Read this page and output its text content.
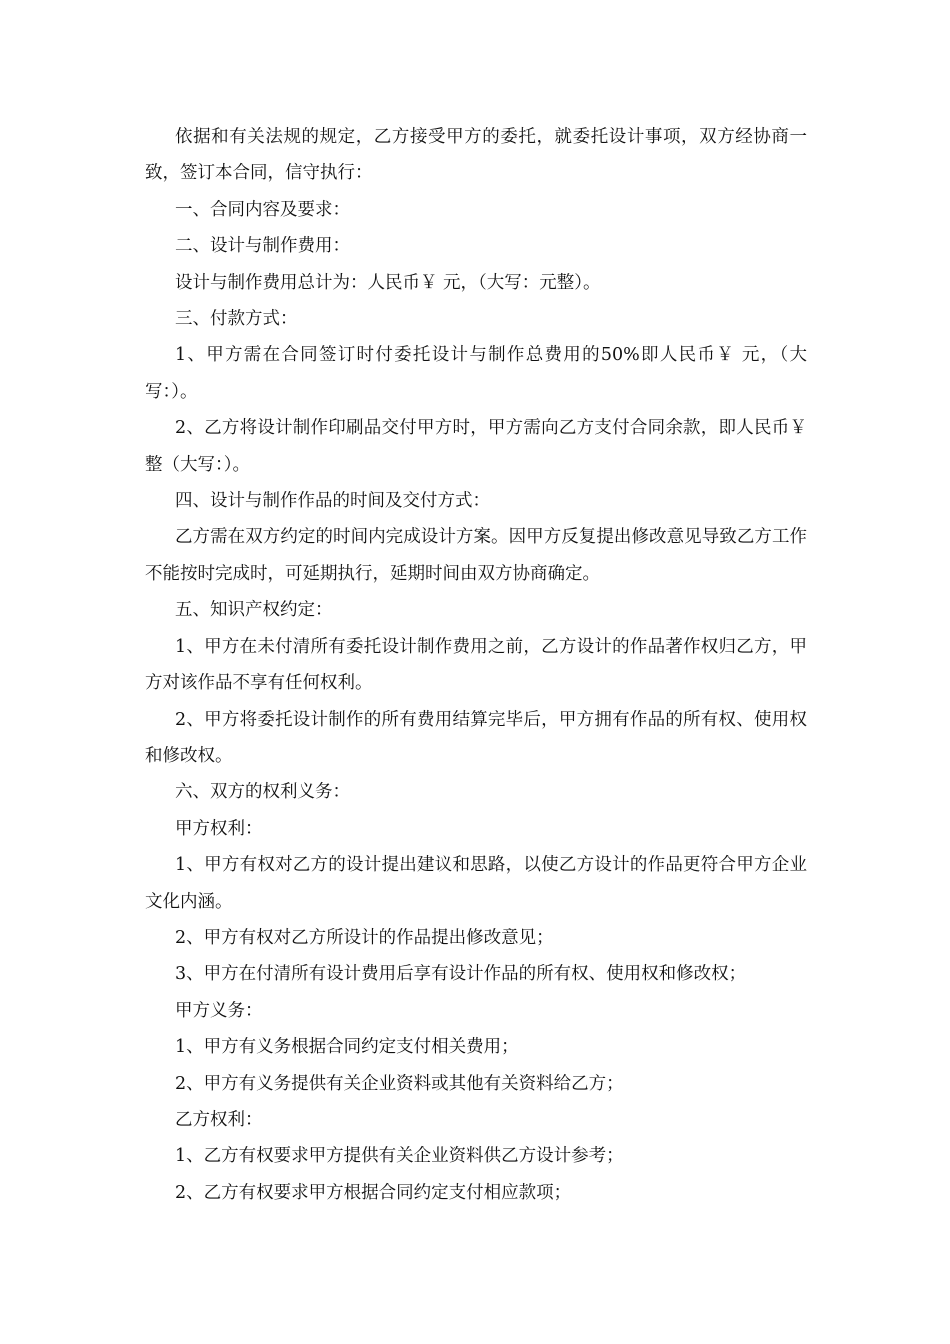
依据和有关法规的规定，乙方接受甲方的委托，就委托设计事项，双方经协商一致，签订本合同，信守执行：

一、合同内容及要求：

二、设计与制作费用：

设计与制作费用总计为：人民币￥ 元，（大写：元整）。

三、付款方式：

1、甲方需在合同签订时付委托设计与制作总费用的50%即人民币￥ 元，（大写：）。

2、乙方将设计制作印刷品交付甲方时，甲方需向乙方支付合同余款，即人民币￥ 整（大写：）。

四、设计与制作作品的时间及交付方式：

乙方需在双方约定的时间内完成设计方案。因甲方反复提出修改意见导致乙方工作不能按时完成时，可延期执行，延期时间由双方协商确定。

五、知识产权约定：

1、甲方在未付清所有委托设计制作费用之前，乙方设计的作品著作权归乙方，甲方对该作品不享有任何权利。

2、甲方将委托设计制作的所有费用结算完毕后，甲方拥有作品的所有权、使用权和修改权。

六、双方的权利义务：

甲方权利：

1、甲方有权对乙方的设计提出建议和思路，以使乙方设计的作品更符合甲方企业文化内涵。

2、甲方有权对乙方所设计的作品提出修改意见；

3、甲方在付清所有设计费用后享有设计作品的所有权、使用权和修改权；

甲方义务：

1、甲方有义务根据合同约定支付相关费用；

2、甲方有义务提供有关企业资料或其他有关资料给乙方；

乙方权利：

1、乙方有权要求甲方提供有关企业资料供乙方设计参考；

2、乙方有权要求甲方根据合同约定支付相应款项；
